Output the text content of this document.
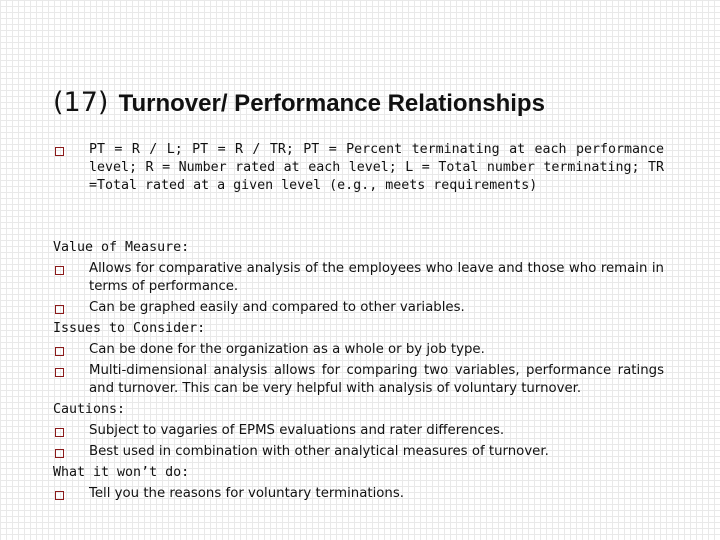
(17) Turnover/ Performance Relationships
PT = R / L; PT = R / TR; PT = Percent terminating at each performance level; R = Number rated at each level; L = Total number terminating; TR =Total rated at a given level (e.g., meets requirements)
Value of Measure:
Allows for comparative analysis of the employees who leave and those who remain in terms of performance.
Can be graphed easily and compared to other variables.
Issues to Consider:
Can be done for the organization as a whole or by job type.
Multi-dimensional analysis allows for comparing two variables, performance ratings and turnover. This can be very helpful with analysis of voluntary turnover.
Cautions:
Subject to vagaries of EPMS evaluations and rater differences.
Best used in combination with other analytical measures of turnover.
What it won’t do:
Tell you the reasons for voluntary terminations.
